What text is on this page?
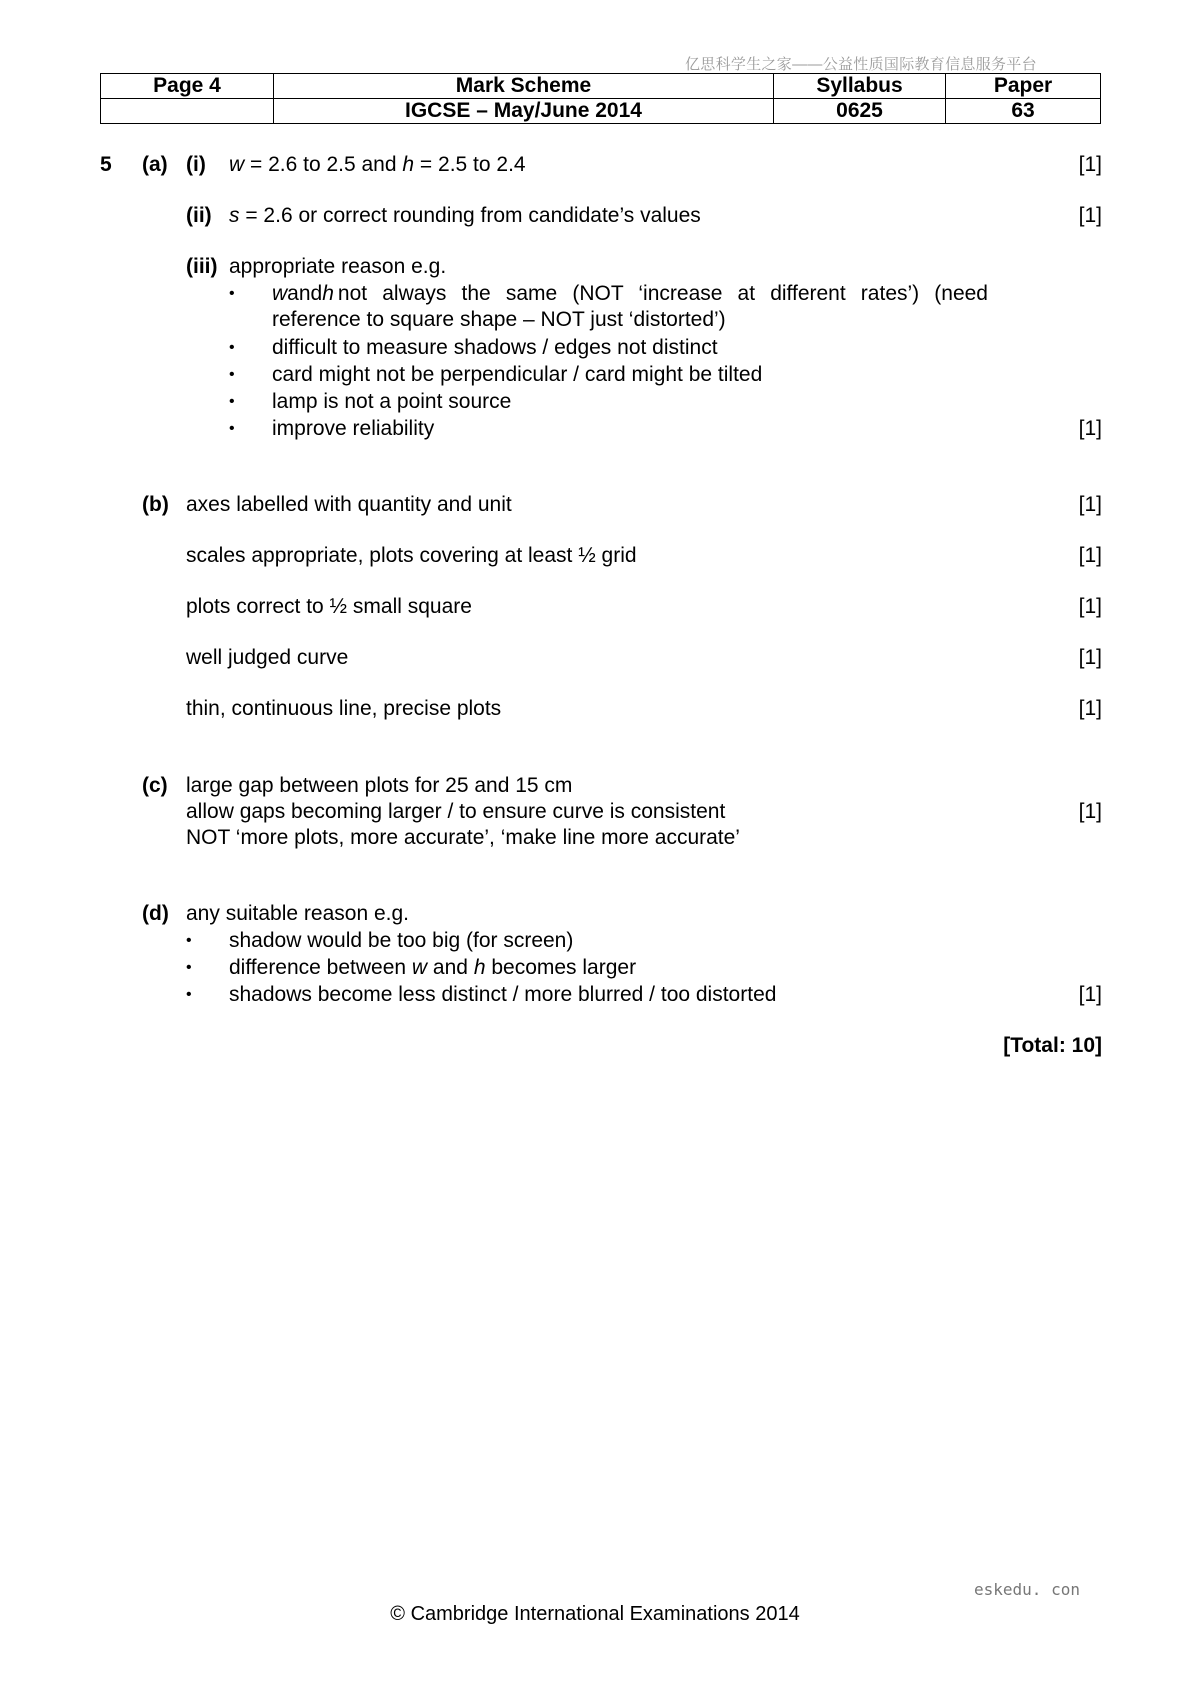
亿思科学生之家——公益性质国际教育信息服务平台
Page 4	Mark Scheme	Syllabus	Paper
	IGCSE – May/June 2014	0625	63
5 (a) (i) w = 2.6 to 2.5 and h = 2.5 to 2.4	[1]
(ii) s = 2.6 or correct rounding from candidate’s values	[1]
(iii) appropriate reason e.g.
• w and h not always the same (NOT ‘increase at different rates’) (need
reference to square shape – NOT just ‘distorted’)
• difficult to measure shadows / edges not distinct
• card might not be perpendicular / card might be tilted
• lamp is not a point source
• improve reliability	[1]
(b) axes labelled with quantity and unit	[1]
scales appropriate, plots covering at least ½ grid	[1]
plots correct to ½ small square	[1]
well judged curve	[1]
thin, continuous line, precise plots	[1]
(c) large gap between plots for 25 and 15 cm
allow gaps becoming larger / to ensure curve is consistent	[1]
NOT ‘more plots, more accurate’, ‘make line more accurate’
(d) any suitable reason e.g.
• shadow would be too big (for screen)
• difference between w and h becomes larger
• shadows become less distinct / more blurred / too distorted	[1]
[Total: 10]
eskedu. con
© Cambridge International Examinations 2014
